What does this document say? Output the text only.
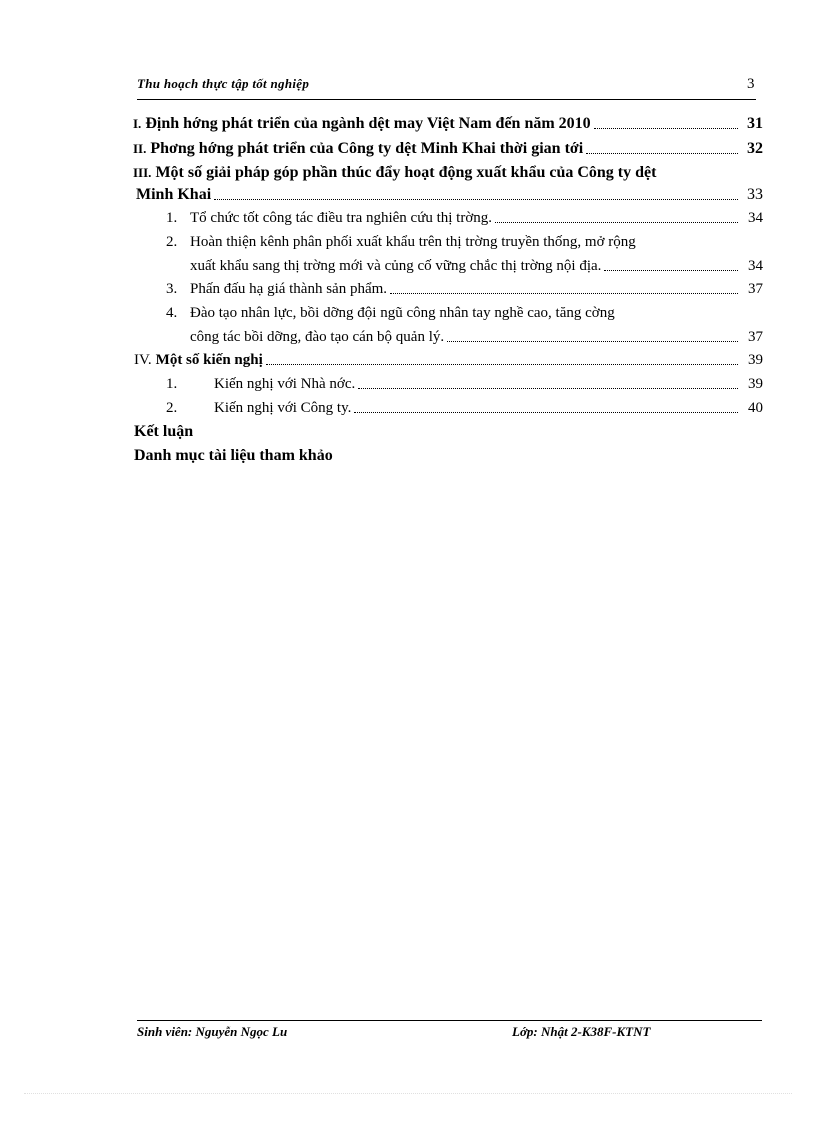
Thu hoạch thực tập tốt nghiệp	3
I. Định hớng phát triển của ngành dệt may Việt Nam đến năm 2010	31
II. Phơng hớng phát triển của Công ty dệt Minh Khai thời gian tới	32
III. Một số giải pháp góp phần thúc đẩy hoạt động xuất khẩu của Công ty dệt
Minh Khai	33
1. Tổ chức tốt công tác điều tra nghiên cứu thị trờng.	34
2. Hoàn thiện kênh phân phối xuất khẩu trên thị trờng truyền thống, mở rộng
xuất khẩu sang thị trờng mới và củng cố vững chắc thị trờng nội địa.	34
3. Phấn đấu hạ giá thành sản phẩm.	37
4. Đào tạo nhân lực, bồi dỡng đội ngũ công nhân tay nghề cao, tăng cờng
công tác bồi dỡng, đào tạo cán bộ quản lý.	37
IV. Một số kiến nghị	39
1.	Kiến nghị với Nhà nớc.	39
2.	Kiến nghị với Công ty.	40
Kết luận
Danh mục tài liệu tham khảo
Sinh viên: Nguyễn Ngọc Lu	Lớp: Nhật 2-K38F-KTNT
